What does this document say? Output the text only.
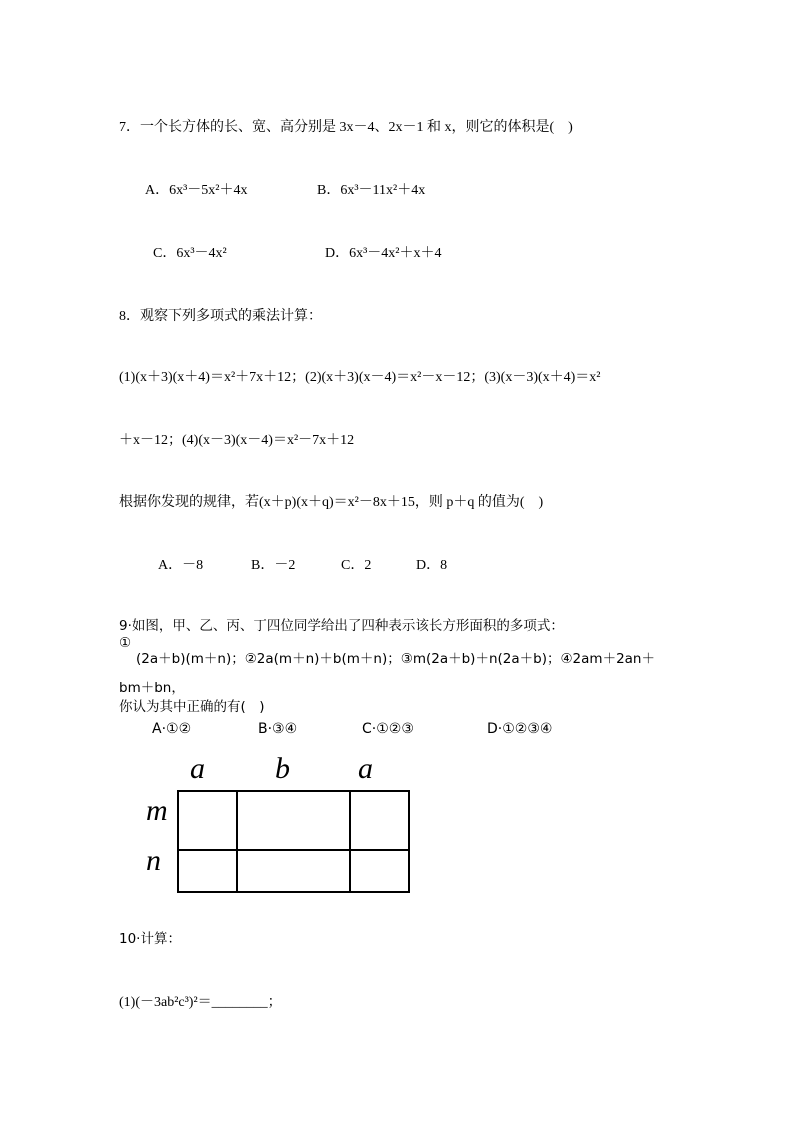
7．一个长方体的长、宽、高分别是 3x－4、2x－1 和 x，则它的体积是(　)
A．6x³－5x²＋4x	B．6x³－11x²＋4x
C．6x³－4x²	D．6x³－4x²＋x＋4
8．观察下列多项式的乘法计算：
(1)(x＋3)(x＋4)＝x²＋7x＋12；(2)(x＋3)(x－4)＝x²－x－12；(3)(x－3)(x＋4)＝x²
＋x－12；(4)(x－3)(x－4)＝x²－7x＋12
根据你发现的规律，若(x＋p)(x＋q)＝x²－8x＋15，则 p＋q 的值为(　)
A．－8	B．－2	C．2	D．8
9·如图，甲、乙、丙、丁四位同学给出了四种表示该长方形面积的多项式：
①
(2a＋b)(m＋n)；②2a(m＋n)＋b(m＋n)；③m(2a＋b)＋n(2a＋b)；④2am＋2an＋
bm＋bn，
你认为其中正确的有(　)
A·①②	B·③④	C·①②③	D·①②③④
a b a
m
n
10·计算：
(1)(－3ab²c³)²＝________；
